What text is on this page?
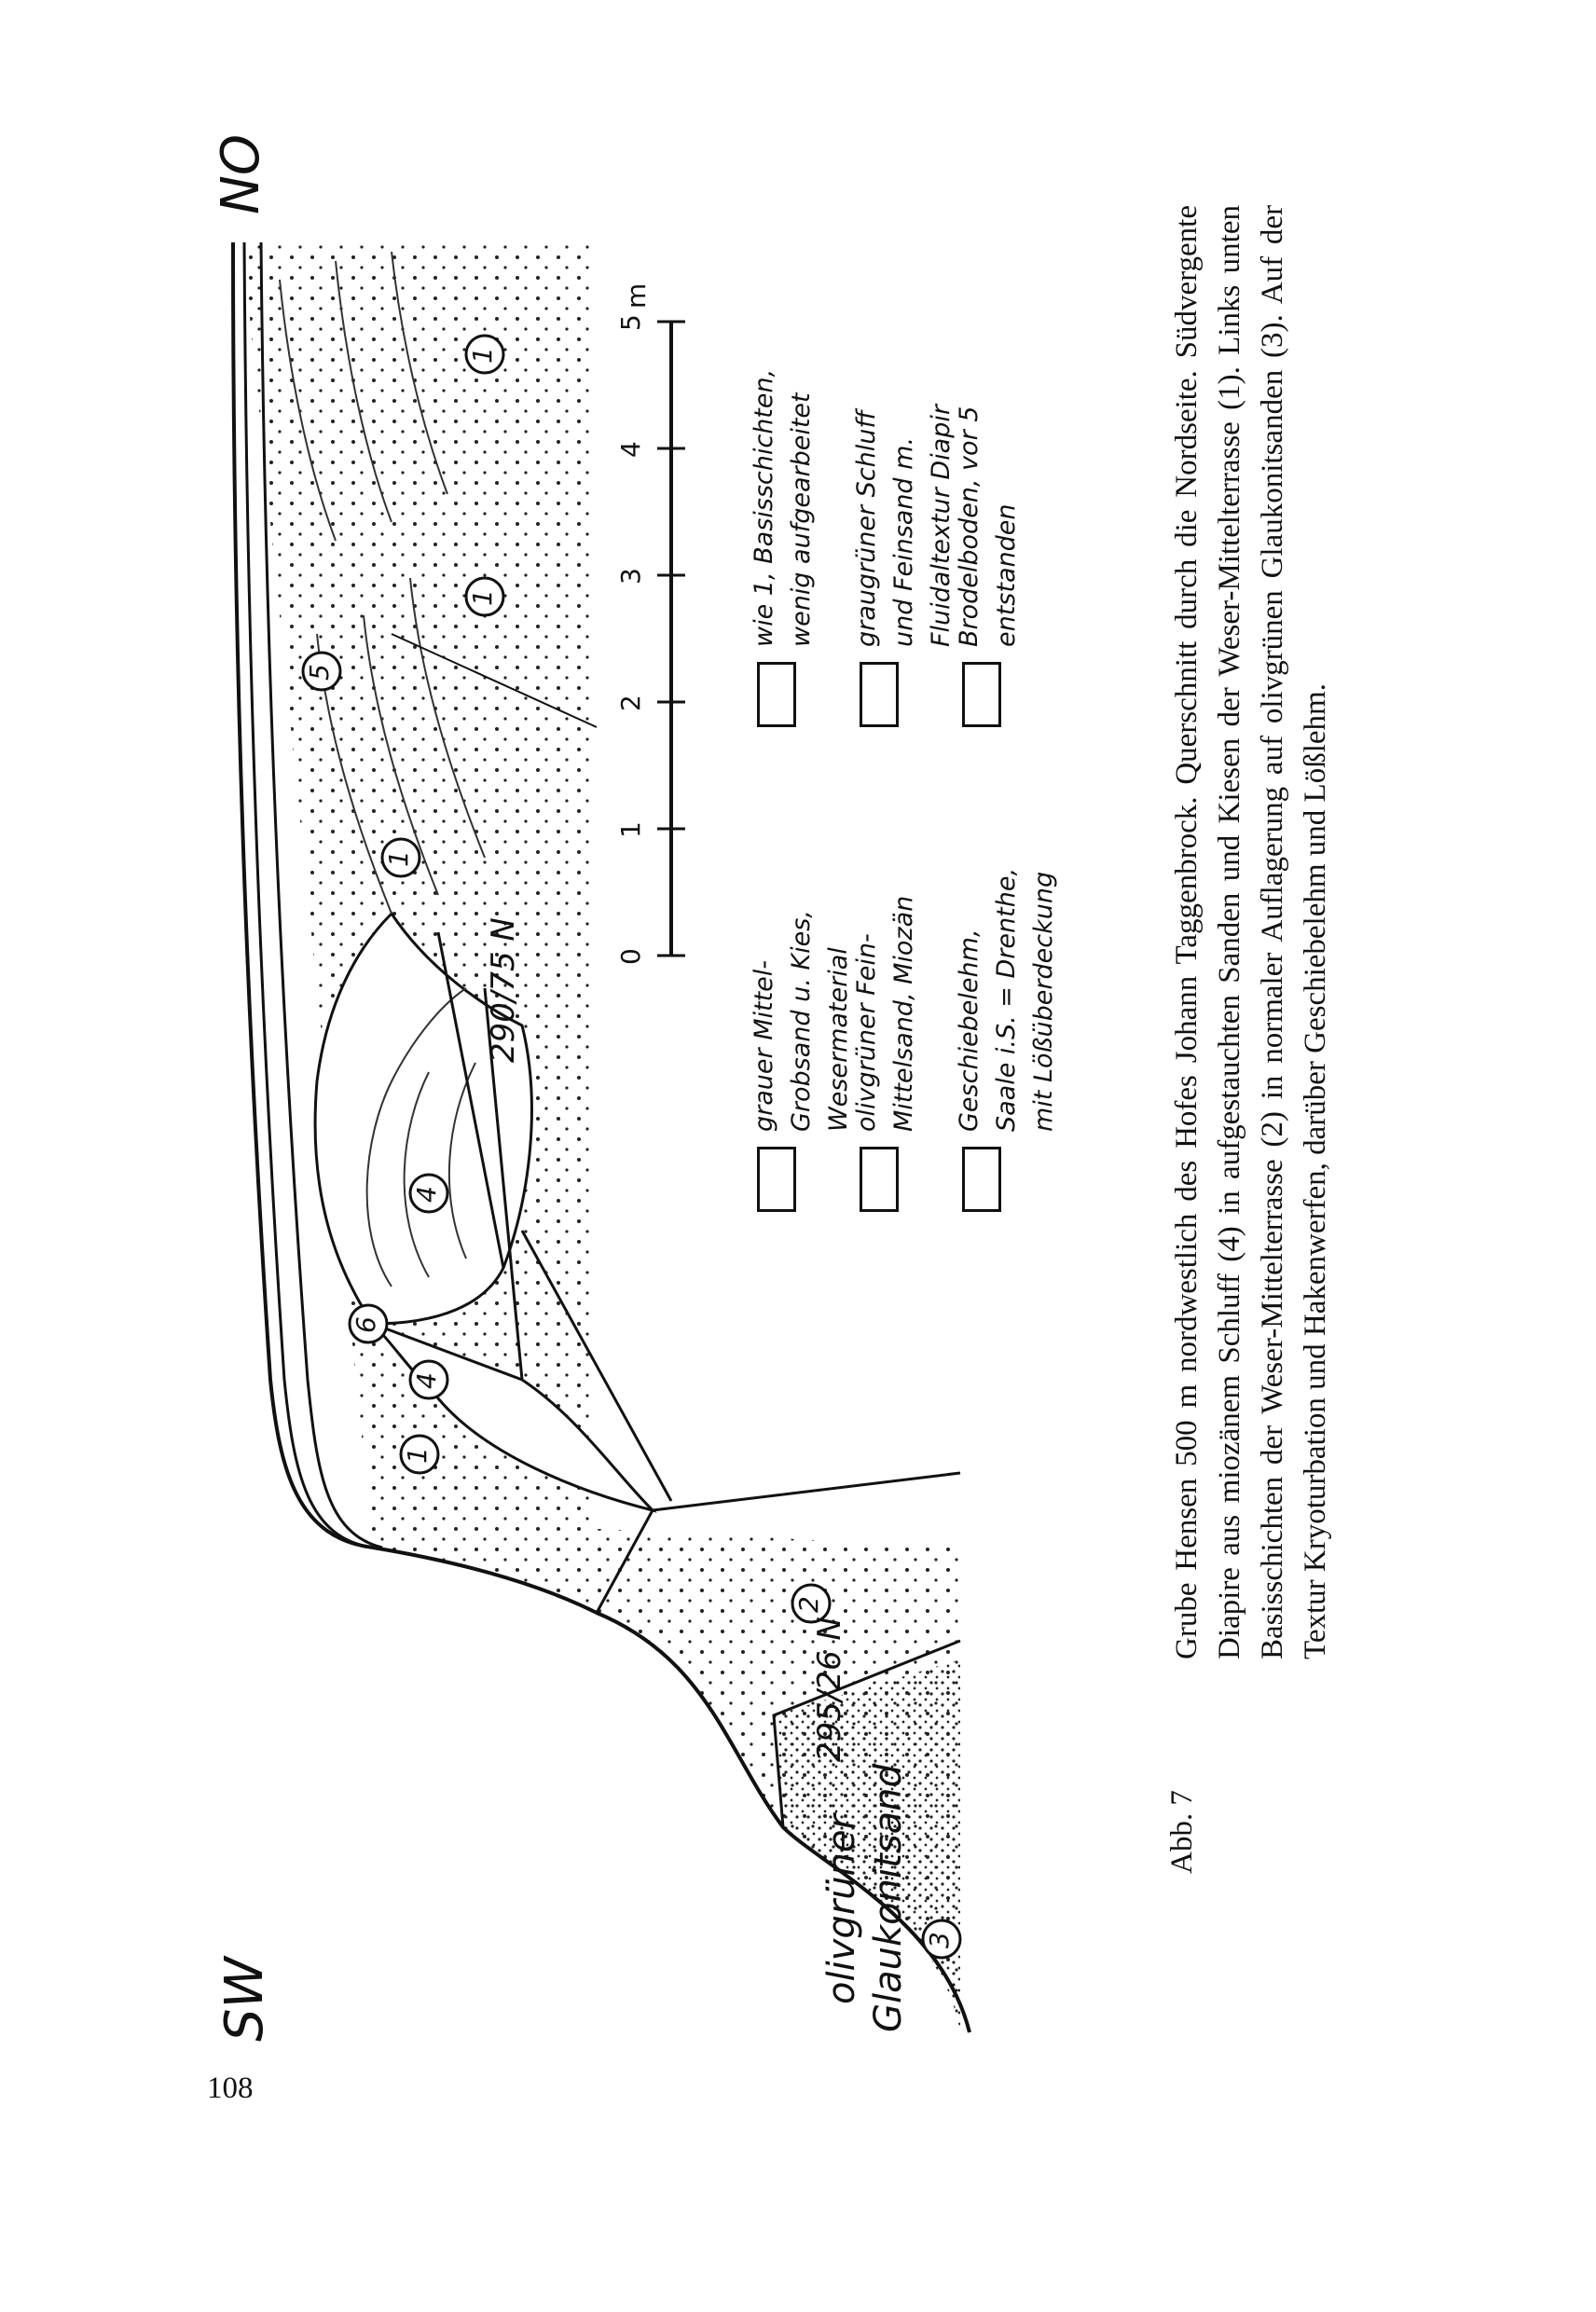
108
SW
NO
4
2
3
1
4
1
5
1
1
6
295/26 N
290/75 N
olivgrüner Glaukonitsand
0
1
2
3
4
5
m
grauer Mittel-Grobsand u. Kies, Wesermaterial olivgrüner Fein-Mittelsand, Miozän Geschiebelehm, Saale i.S. = Drenthe, mit Lößüberdeckung
wie 1, Basisschichten, wenig aufgearbeitet graugrüner Schluff und Feinsand m. Fluidaltextur Diapir Brodelboden, vor 5 entstanden
Abb. 7
Grube Hensen 500 m nordwestlich des Hofes Johann Taggenbrock. Querschnitt durch die Nordseite. Südvergente Diapire aus miozänem Schluff (4) in aufgestauchten Sanden und Kiesen der Weser-Mittelterrasse (1). Links unten Basisschichten der Weser-Mittelterrasse (2) in normaler Auflagerung auf olivgrünen Glaukonitsanden (3). Auf der Textur Kryoturbation und Hakenwerfen, darüber Geschiebelehm und Lößlehm.
